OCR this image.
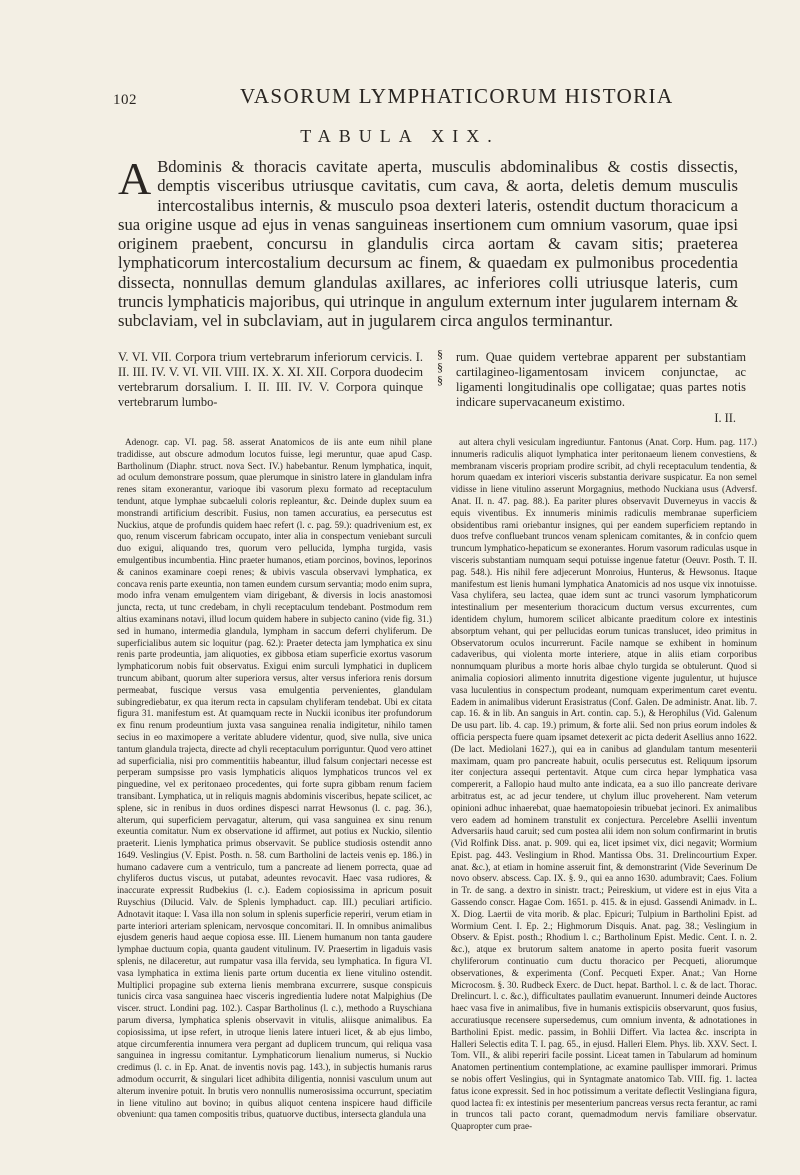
102	VASORUM LYMPHATICORUM HISTORIA
TABULA XIX.
A Bdominis & thoracis cavitate aperta, musculis abdominalibus & costis dissectis, demptis visceribus utriusque cavitatis, cum cava, & aorta, deletis demum musculis intercostalibus internis, & musculo psoa dexteri lateris, ostendit ductum thoracicum a sua origine usque ad ejus in venas sanguineas insertionem cum omnium vasorum, quae ipsi originem praebent, concursu in glandulis circa aortam & cavam sitis; praeterea lymphaticorum intercostalium decursum ac finem, & quaedam ex pulmonibus procedentia dissecta, nonnullas demum glandulas axillares, ac inferiores colli utriusque lateris, cum truncis lymphaticis majoribus, qui utrinque in angulum externum inter jugularem internam & subclaviam, vel in subclaviam, aut in jugularem circa angulos terminantur.
V. VI. VII. Corpora trium vertebrarum inferiorum cervicis. I. II. III. IV. V. VI. VII. VIII. IX. X. XI. XII. Corpora duodecim vertebrarum dorsalium. I. II. III. IV. V. Corpora quinque vertebrarum lumbo-
§
§
§
rum. Quae quidem vertebrae apparent per substantiam cartilagineo-ligamentosam invicem conjunctae, ac ligamenti longitudinalis ope colligatae; quas partes notis indicare supervacaneum existimo.
I. II.

Adenogr. cap. VI. pag. 58. asserat Anatomicos de iis ante eum nihil plane tradidisse, aut obscure admodum locutos fuisse, legi meruntur, quae apud Casp. Bartholinum (Diaphr. struct. nova Sect. IV.) habebantur. Renum lymphatica, inquit, ad oculum demonstrare possum, quae plerumque in sinistro latere in glandulam infra renes sitam exonerantur, varioque ibi vasorum plexu formato ad receptaculum tendunt, atque lymphae subcaeluli coloris repleantur, &c. Deinde duplex suum ea monstrandi artificium describit. Fusius, non tamen accuratius, ea persecutus est Nuckius, atque de profundis quidem haec refert (l. c. pag. 59.): quadrivenium est, ex quo, renum viscerum fabricam occupato, inter alia in conspectum veniebant surculi duo exigui, aliquando tres, quorum vero pellucida, lympha turgida, vasis emulgentibus incumbentia. Hinc praeter humanos, etiam porcinos, bovinos, leporinos & caninos examinare coepi renes; & ubivis vascula observavi lymphatica, ex concava renis parte exeuntia, non tamen eundem cursum servantia; modo enim supra, modo infra venam emulgentem viam dirigebant, & diversis in locis anastomosi juncta, recta, ut tunc credebam, in chyli receptaculum tendebant. Postmodum rem altius examinans notavi, illud locum quidem habere in subjecto canino (vide fig. 31.) sed in humano, intermedia glandula, lympham in saccum deferri chyliferum. De superficialibus autem sic loquitur (pag. 62.): Praeter detecta jam lymphatica ex sinu renis parte prodeuntia, jam aliquoties, ex gibbosa etiam superficie exortus vasorum lymphaticorum nobis fuit observatus. Exigui enim surculi lymphatici in duplicem truncum abibant, quorum alter superiora versus, alter versus inferiora renis dorsum permeabat, fuscique versus vasa emulgentia pervenientes, glandulam subingrediebatur, ex qua iterum recta in capsulam chyliferam tendebat. Ubi ex citata figura 31. manifestum est. At quamquam recte in Nuckii iconibus iter profundorum ex finu renum prodeuntium juxta vasa sanguinea renalia indigitetur, nihilo tamen secius in eo maximopere a veritate abludere videntur, quod, sive nulla, sive unica tantum glandula trajecta, directe ad chyli receptaculum porriguntur. Quod vero attinet ad superficialia, nisi pro commentitiis habeantur, illud falsum conjectari necesse est perperam sumpsisse pro vasis lymphaticis aliquos lymphaticos truncos vel ex pinguedine, vel ex peritonaeo procedentes, qui forte supra gibbam renum faciem transibant. Lymphatica, ut in reliquis magnis abdominis visceribus, hepate scilicet, ac splene, sic in renibus in duos ordines dispesci narrat Hewsonus (l. c. pag. 36.), alterum, qui superficiem pervagatur, alterum, qui vasa sanguinea ex sinu renum exeuntia comitatur. Num ex observatione id affirmet, aut potius ex Nuckio, silentio praeterit. Lienis lymphatica primus observavit. Se publice studiosis ostendit anno 1649. Veslingius (V. Epist. Posth. n. 58. cum Bartholini de lacteis venis ep. 186.) in humano cadavere cum a ventriculo, tum a pancreate ad lienem porrecta, quae ad chyliferos ductus viscus, ut putabat, adeuntes revocavit. Haec vasa rudiores, & inaccurate expressit Rudbekius (l. c.). Eadem copiosissima in apricum posuit Ruyschius (Dilucid. Valv. de Splenis lymphaduct. cap. III.) peculiari artificio. Adnotavit itaque: I. Vasa illa non solum in splenis superficie reperiri, verum etiam in parte interiori arteriam splenicam, nervosque concomitari. II. In omnibus animalibus ejusdem generis haud aeque copiosa esse. III. Lienem humanum non tanta gaudere lymphae ductuum copia, quanta gaudent vitulinum. IV. Praesertim in ligaduis vasis splenis, ne dilaceretur, aut rumpatur vasa illa fervida, seu lymphatica. In figura VI. vasa lymphatica in extima lienis parte ortum ducentia ex liene vitulino ostendit. Multiplici propagine sub externa lienis membrana excurrere, susque conspicuis tunicis circa vasa sanguinea haec visceris ingredientia ludere notat Malpighius (De viscer. struct. Londini pag. 102.). Caspar Bartholinus (l. c.), methodo a Ruyschiana parum diversa, lymphatica splenis observavit in vitulis, aliisque animalibus. Ea copiosissima, ut ipse refert, in utroque lienis latere intueri licet, & ab ejus limbo, atque circumferentia innumera vera pergant ad duplicem truncum, qui reliqua vasa sanguinea in ingressu comitantur. Lymphaticorum lienalium numerus, si Nuckio credimus (l. c. in Ep. Anat. de inventis novis pag. 143.), in subjectis humanis rarus admodum occurrit, & singulari licet adhibita diligentia, nonnisi vasculum unum aut alterum invenire potuit. In brutis vero nonnullis numerosissima occurrunt, speciatim in liene vitulino aut bovino; in quibus aliquot centena inspicere haud difficile obveniunt: qua tamen compositis tribus, quatuorve ductibus, intersecta glandula una

aut altera chyli vesiculam ingrediuntur. Fantonus (Anat. Corp. Hum. pag. 117.) innumeris radiculis aliquot lymphatica inter peritonaeum lienem convestiens, & membranam visceris propriam prodire scribit, ad chyli receptaculum tendentia, & horum quaedam ex interiori visceris substantia derivare suspicatur. Ea non semel vidisse in liene vitulino asserunt Morgagnius, methodo Nuckiana usus (Adversf. Anat. II. n. 47. pag. 88.). Ea pariter plures observavit Duverneyus in vaccis & equis viventibus. Ex innumeris minimis radiculis membranae superficiem obsidentibus rami oriebantur insignes, qui per eandem superficiem reptando in duos trefve confluebant truncos venam splenicam comitantes, & in confcio quem truncum lymphatico-hepaticum se exonerantes. Horum vasorum radiculas usque in visceris substantiam numquam sequi potuisse ingenue fatetur (Oeuvr. Posth. T. II. pag. 548.). His nihil fere adjecerunt Monroius, Hunterus, & Hewsonus. Itaque manifestum est lienis humani lymphatica Anatomicis ad nos usque vix innotuisse. Vasa chylifera, seu lactea, quae idem sunt ac trunci vasorum lymphaticorum intestinalium per mesenterium thoracicum ductum versus excurrentes, cum identidem chylum, humorem scilicet albicante praeditum colore ex intestinis absorptum vehant, qui per pellucidas eorum tunicas translucet, ideo primitus in Observatorum oculos incurrerunt. Facile namque se exhibent in hominum cadaveribus, qui violenta morte interiere, atque in aliis etiam corporibus nonnumquam pluribus a morte horis albae chylo turgida se obtulerunt. Quod si animalia copiosiori alimento innutrita digestione vigente jugulentur, ut hujusce vasa luculentius in conspectum prodeant, numquam experimentum caret eventu. Eadem in animalibus viderunt Erasistratus (Conf. Galen. De administr. Anat. lib. 7. cap. 16. & in lib. An sanguis in Art. contin. cap. 5.), & Herophilus (Vid. Galenum De usu part. lib. 4. cap. 19.) primum, & forte alii. Sed non prius eorum indoles & officia perspecta fuere quam ipsamet detexerit ac picta dederit Asellius anno 1622. (De lact. Mediolani 1627.), qui ea in canibus ad glandulam tantum mesenterii maximam, quam pro pancreate habuit, oculis persecutus est. Reliquum ipsorum iter conjectura assequi pertentavit. Atque cum circa hepar lymphatica vasa compererit, a Fallopio haud multo ante indicata, ea a suo illo pancreate derivare arbitratus est, ac ad jecur tendere, ut chylum illuc proveherent. Nam veterum opinioni adhuc inhaerebat, quae haematopoiesin tribuebat jecinori. Ex animalibus vero eadem ad hominem transtulit ex conjectura. Percelebre Asellii inventum Adversariis haud caruit; sed cum postea alii idem non solum confirmarint in brutis (Vid Rolfink Diss. anat. p. 909. qui ea, licet ipsimet vix, dici negavit; Wormium Epist. pag. 443. Veslingium in Rhod. Mantissa Obs. 31. Drelincourtium Exper. anat. &c.), at etiam in homine asseruit fint, & demonstrarint (Vide Severinum De novo observ. abscess. Cap. IX. §. 9., qui ea anno 1630. adumbravit; Caes. Folium in Tr. de sang. a dextro in sinistr. tract.; Peireskium, ut videre est in ejus Vita a Gassendo conscr. Hagae Com. 1651. p. 415. & in ejusd. Gassendi Animadv. in L. X. Diog. Laertii de vita morib. & plac. Epicuri; Tulpium in Bartholini Epist. ad Wormium Cent. I. Ep. 2.; Highmorum Disquis. Anat. pag. 38.; Veslingium in Observ. & Epist. posth.; Rhodium l. c.; Bartholinum Epist. Medic. Cent. I. n. 2. &c.), atque ex brutorum saltem anatome in aperto posita fuerit vasorum chyliferorum continuatio cum ductu thoracico per Pecqueti, aliorumque observationes, & experimenta (Conf. Pecqueti Exper. Anat.; Van Horne Microcosm. §. 30. Rudbeck Exerc. de Duct. hepat. Barthol. l. c. & de lact. Thorac. Drelincurt. l. c. &c.), difficultates paullatim evanuerunt. Innumeri deinde Auctores haec vasa five in animalibus, five in humanis extispiciis observarunt, quos fusius, accuratiusque recensere supersedemus, cum omnium inventa, & adnotationes in Bartholini Epist. medic. passim, in Bohlii Differt. Via lactea &c. inscripta in Halleri Selectis edita T. I. pag. 65., in ejusd. Halleri Elem. Phys. lib. XXV. Sect. I. Tom. VII., & alibi reperiri facile possint. Liceat tamen in Tabularum ad hominum Anatomen pertinentium contemplatione, ac examine paullisper immorari. Primus se nobis offert Veslingius, qui in Syntagmate anatomico Tab. VIII. fig. 1. lactea fatus icone expressit. Sed in hoc potissimum a veritate deflectit Veslingiana figura, quod lactea fi: ex intestinis per mesenterium pancreas versus recta ferantur, ac rami in truncos tali pacto corant, quemadmodum nervis familiare observatur. Quapropter cum prae-
